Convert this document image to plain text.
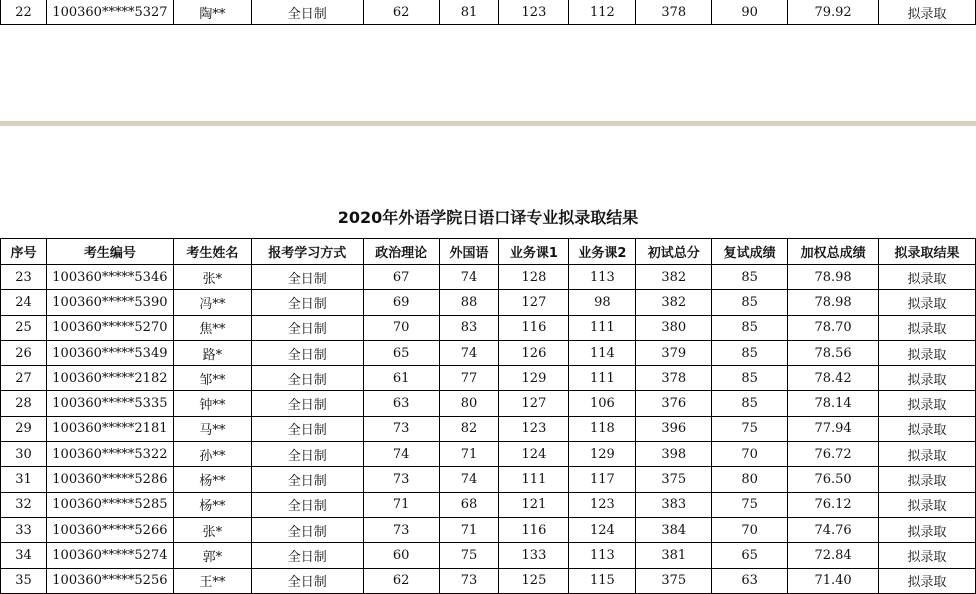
22	100360*****5327	陶**	全日制	62	81	123	112	378	90	79.92	拟录取
2020年外语学院日语口译专业拟录取结果
序号	考生编号	考生姓名	报考学习方式	政治理论	外国语	业务课1	业务课2	初试总分	复试成绩	加权总成绩	拟录取结果
23	100360*****5346	张*	全日制	67	74	128	113	382	85	78.98	拟录取
24	100360*****5390	冯**	全日制	69	88	127	98	382	85	78.98	拟录取
25	100360*****5270	焦**	全日制	70	83	116	111	380	85	78.70	拟录取
26	100360*****5349	路*	全日制	65	74	126	114	379	85	78.56	拟录取
27	100360*****2182	邹**	全日制	61	77	129	111	378	85	78.42	拟录取
28	100360*****5335	钟**	全日制	63	80	127	106	376	85	78.14	拟录取
29	100360*****2181	马**	全日制	73	82	123	118	396	75	77.94	拟录取
30	100360*****5322	孙**	全日制	74	71	124	129	398	70	76.72	拟录取
31	100360*****5286	杨**	全日制	73	74	111	117	375	80	76.50	拟录取
32	100360*****5285	杨**	全日制	71	68	121	123	383	75	76.12	拟录取
33	100360*****5266	张*	全日制	73	71	116	124	384	70	74.76	拟录取
34	100360*****5274	郭*	全日制	60	75	133	113	381	65	72.84	拟录取
35	100360*****5256	王**	全日制	62	73	125	115	375	63	71.40	拟录取
